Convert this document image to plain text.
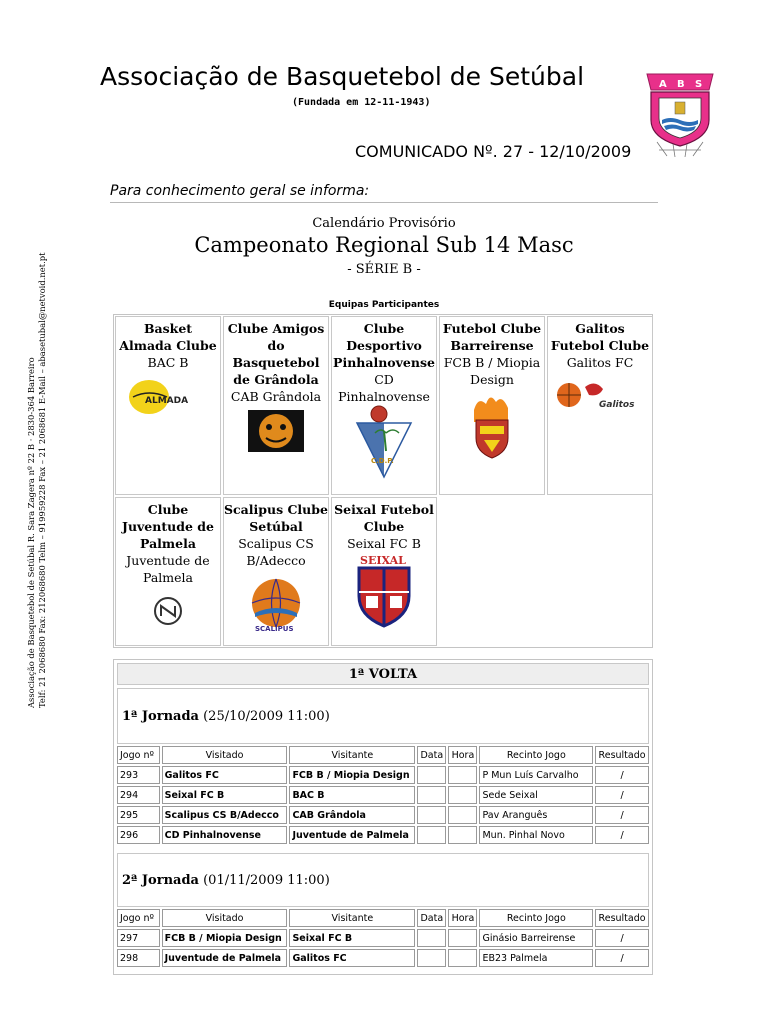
Associação de Basquetebol de Setúbal R. Sara Zagera nº 22 B · 2830-364 Barreiro Telf: 21 2068680 Fax: 212068680 Telm – 919959228 Fax – 21 2068681 E-Mail – abasetubal@netvoid.net.pt
Associação de Basquetebol de Setúbal
(Fundada em 12-11-1943)
A B S
COMUNICADO Nº. 27 - 12/10/2009
Para conhecimento geral se informa:
Calendário Provisório
Campeonato Regional Sub 14 Masc
- SÉRIE B -
Equipas Participantes
Basket Almada Clube
BAC B
ALMADA
Clube Amigos do Basquetebol de Grândola
CAB Grândola
Clube Desportivo Pinhalnovense
CD Pinhalnovense
C.D.P.
Futebol Clube Barreirense
FCB B / Miopia Design
Galitos Futebol Clube
Galitos FC
Galitos
Clube Juventude de Palmela
Juventude de Palmela
Scalipus Clube Setúbal
Scalipus CS B/Adecco
SCALIPUS
Seixal Futebol Clube
Seixal FC B
SEIXAL
1ª VOLTA
1ª Jornada (25/10/2009 11:00)
Jogo nº	Visitado	Visitante	Data	Hora	Recinto Jogo	Resultado
293	Galitos FC	FCB B / Miopia Design			P Mun Luís Carvalho	/
294	Seixal FC B	BAC B			Sede Seixal	/
295	Scalipus CS B/Adecco	CAB Grândola			Pav Aranguês	/
296	CD Pinhalnovense	Juventude de Palmela			Mun. Pinhal Novo	/
2ª Jornada (01/11/2009 11:00)
Jogo nº	Visitado	Visitante	Data	Hora	Recinto Jogo	Resultado
297	FCB B / Miopia Design	Seixal FC B			Ginásio Barreirense	/
298	Juventude de Palmela	Galitos FC			EB23 Palmela	/
